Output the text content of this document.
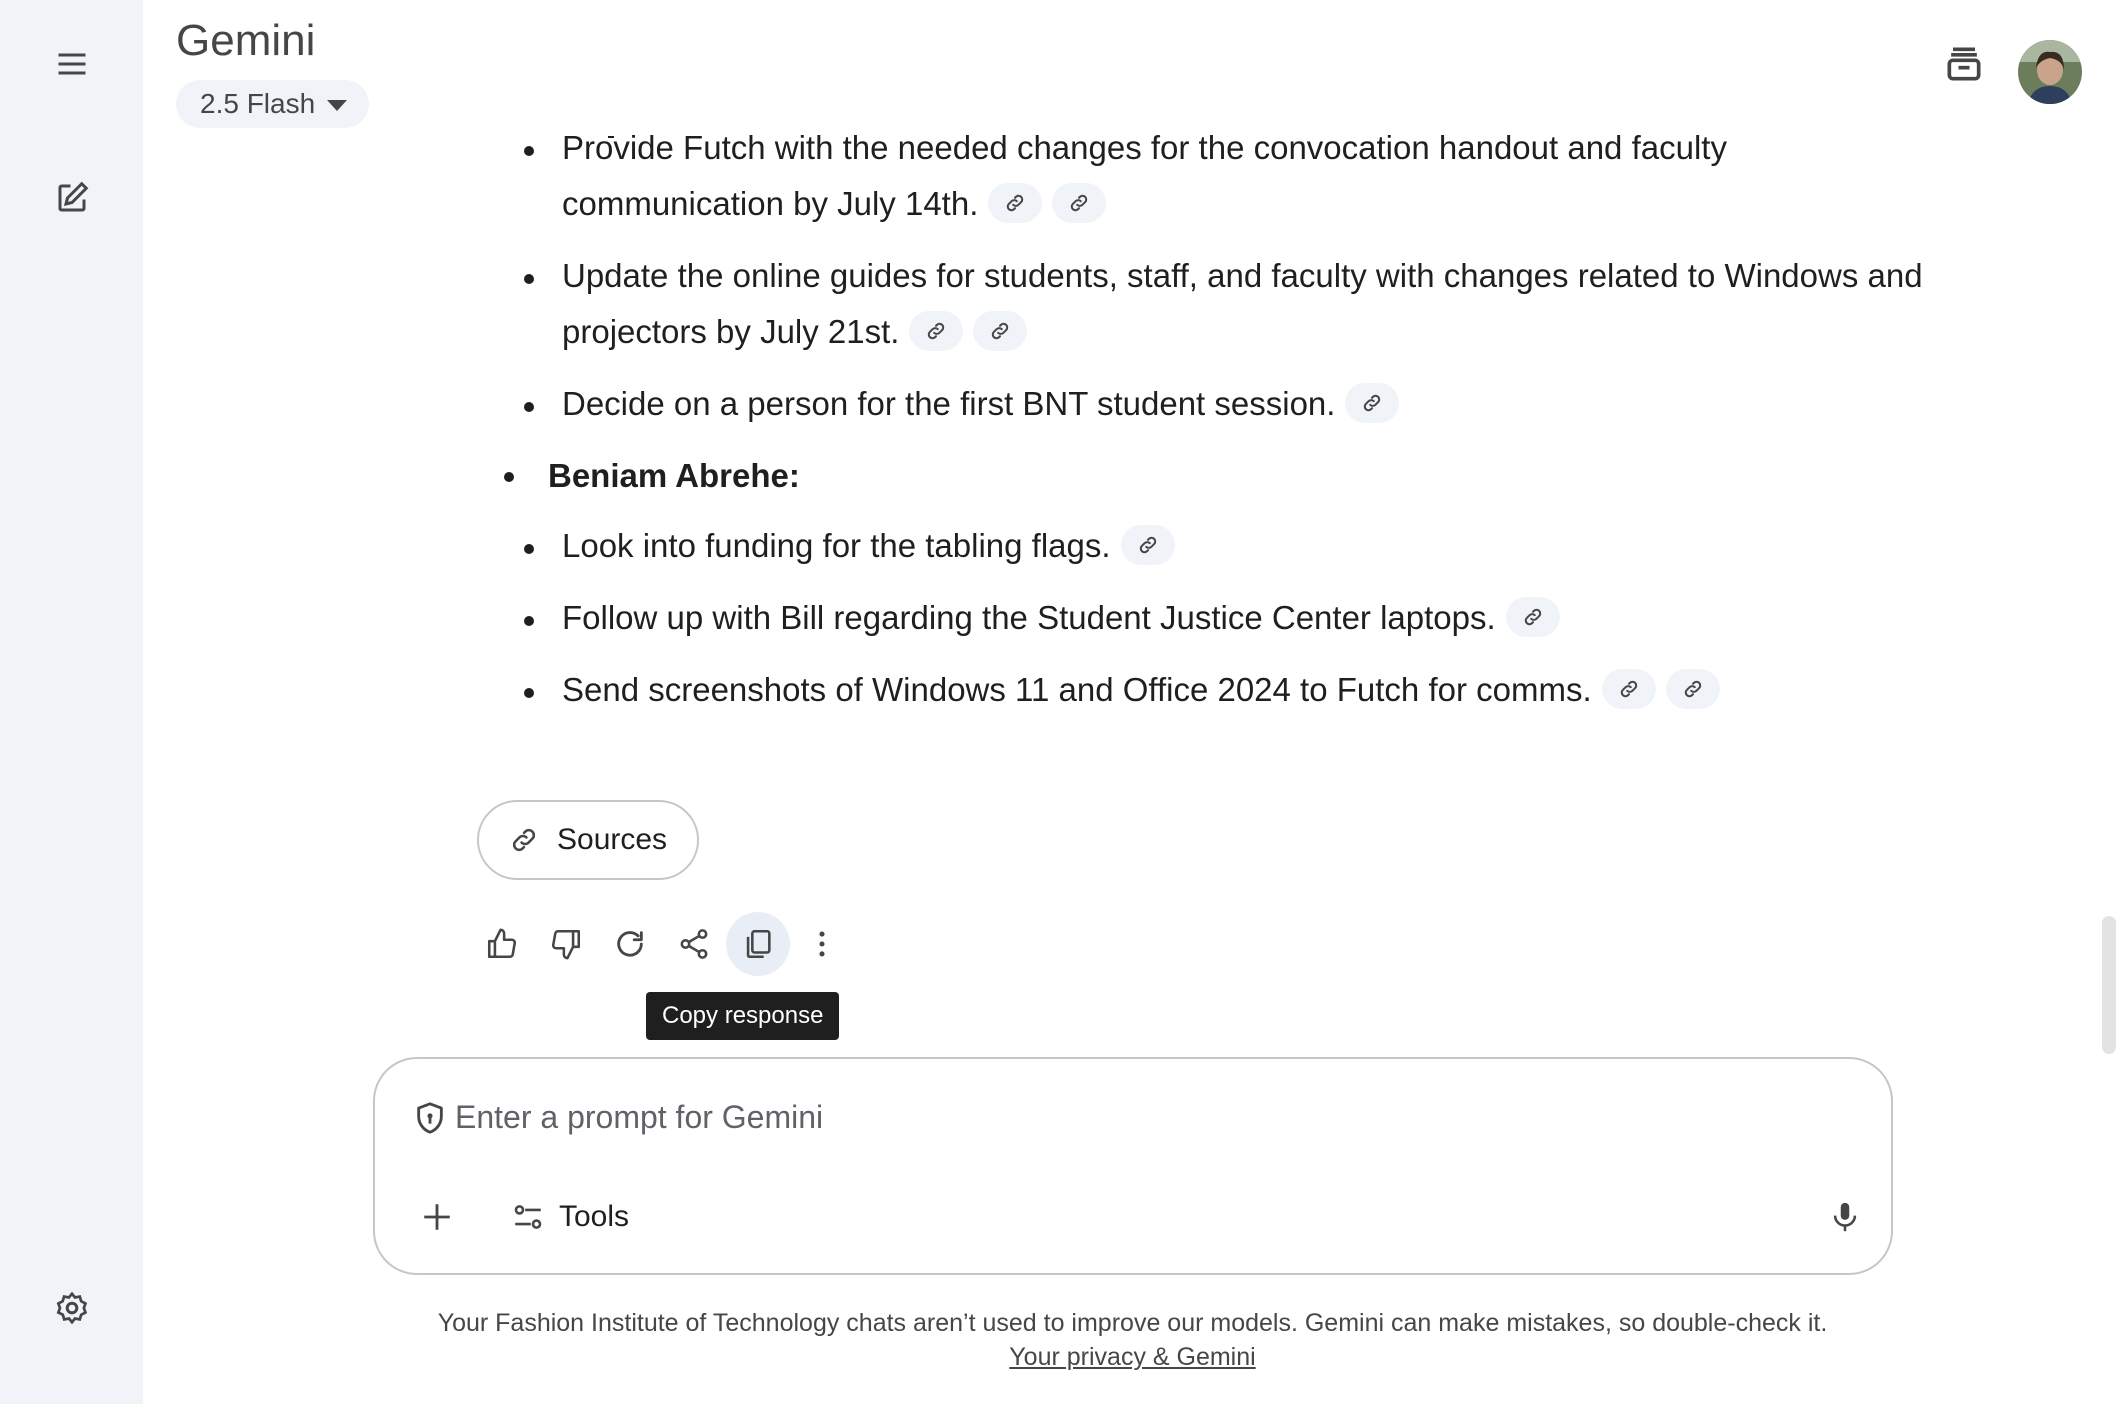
Gemini
2.5 Flash
Provide Futch with the needed changes for the convocation handout and faculty communication by July 14th.
Update the online guides for students, staff, and faculty with changes related to Windows and projectors by July 21st.
Decide on a person for the first BNT student session.
Beniam Abrehe:
Look into funding for the tabling flags.
Follow up with Bill regarding the Student Justice Center laptops.
Send screenshots of Windows 11 and Office 2024 to Futch for comms.
Sources
Copy response
Enter a prompt for Gemini
Tools
Your Fashion Institute of Technology chats aren’t used to improve our models. Gemini can make mistakes, so double-check it.
Your privacy & Gemini
